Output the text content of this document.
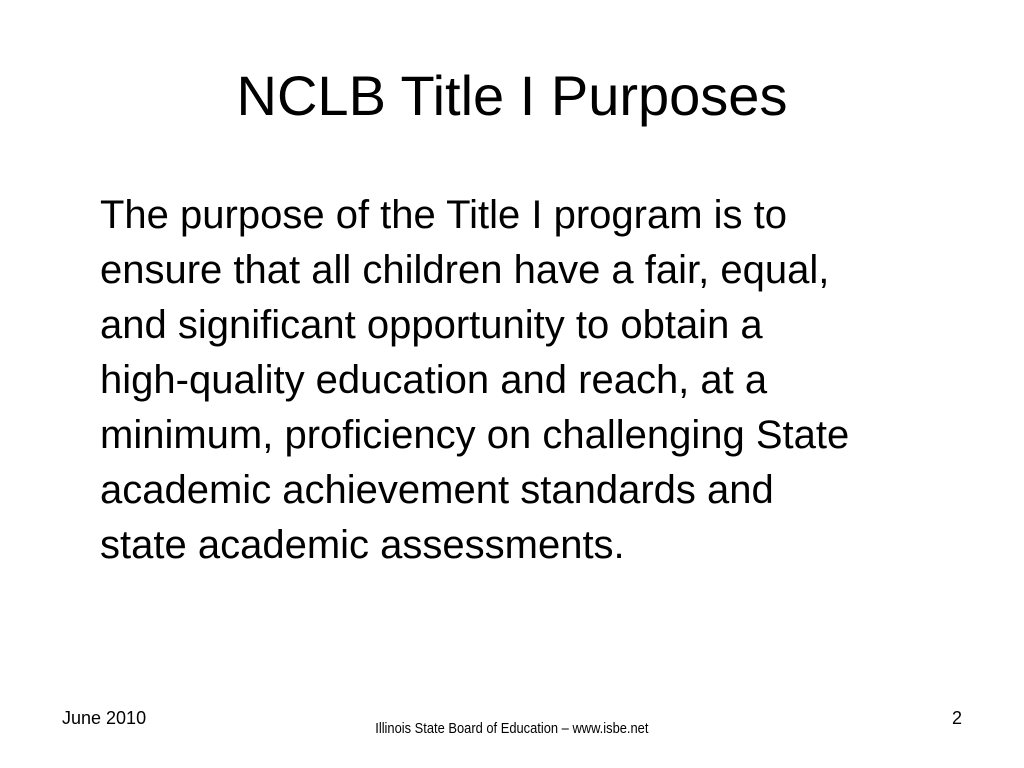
NCLB Title I Purposes
The purpose of the Title I program is to
ensure that all children have a fair, equal,
and significant opportunity to obtain a
high-quality education and reach, at a
minimum, proficiency on challenging State
academic achievement standards and
state academic assessments.
June 2010
Illinois State Board of Education – www.isbe.net
2
